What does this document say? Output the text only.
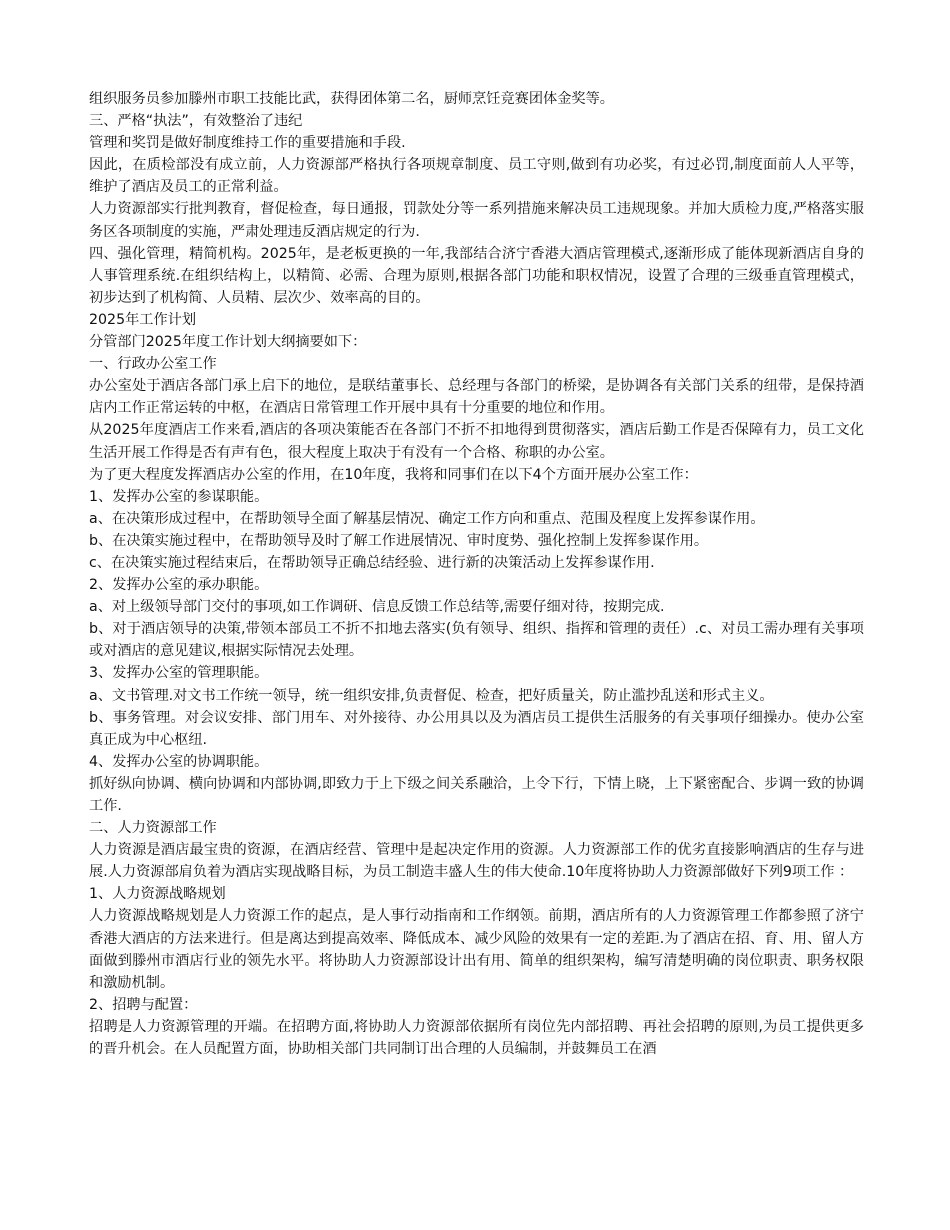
组织服务员参加滕州市职工技能比武，获得团体第二名，厨师烹饪竞赛团体金奖等。

三、严格“执法”，有效整治了违纪

管理和奖罚是做好制度维持工作的重要措施和手段.

因此，在质检部没有成立前，人力资源部严格执行各项规章制度、员工守则,做到有功必奖，有过必罚,制度面前人人平等，维护了酒店及员工的正常利益。

人力资源部实行批判教育，督促检查，每日通报，罚款处分等一系列措施来解决员工违规现象。并加大质检力度,严格落实服务区各项制度的实施，严肃处理违反酒店规定的行为.

四、强化管理，精简机构。2025年，是老板更换的一年,我部结合济宁香港大酒店管理模式,逐渐形成了能体现新酒店自身的人事管理系统.在组织结构上，以精简、必需、合理为原则,根据各部门功能和职权情况，设置了合理的三级垂直管理模式，初步达到了机构简、人员精、层次少、效率高的目的。

2025年工作计划

分管部门2025年度工作计划大纲摘要如下：

一、行政办公室工作

办公室处于酒店各部门承上启下的地位，是联结董事长、总经理与各部门的桥梁，是协调各有关部门关系的纽带，是保持酒店内工作正常运转的中枢，在酒店日常管理工作开展中具有十分重要的地位和作用。

从2025年度酒店工作来看,酒店的各项决策能否在各部门不折不扣地得到贯彻落实，酒店后勤工作是否保障有力，员工文化生活开展工作得是否有声有色，很大程度上取决于有没有一个合格、称职的办公室。

为了更大程度发挥酒店办公室的作用，在10年度，我将和同事们在以下4个方面开展办公室工作：

1、发挥办公室的参谋职能。

a、在决策形成过程中，在帮助领导全面了解基层情况、确定工作方向和重点、范围及程度上发挥参谋作用。

b、在决策实施过程中，在帮助领导及时了解工作进展情况、审时度势、强化控制上发挥参谋作用。

c、在决策实施过程结束后，在帮助领导正确总结经验、进行新的决策活动上发挥参谋作用.

2、发挥办公室的承办职能。

a、对上级领导部门交付的事项,如工作调研、信息反馈工作总结等,需要仔细对待，按期完成.

b、对于酒店领导的决策,带领本部员工不折不扣地去落实(负有领导、组织、指挥和管理的责任）.c、对员工需办理有关事项或对酒店的意见建议,根据实际情况去处理。

3、发挥办公室的管理职能。

a、文书管理.对文书工作统一领导，统一组织安排,负责督促、检查，把好质量关，防止滥抄乱送和形式主义。

b、事务管理。对会议安排、部门用车、对外接待、办公用具以及为酒店员工提供生活服务的有关事项仔细操办。使办公室真正成为中心枢纽.

4、发挥办公室的协调职能。

抓好纵向协调、横向协调和内部协调,即致力于上下级之间关系融洽，上令下行，下情上晓，上下紧密配合、步调一致的协调工作.

二、人力资源部工作

人力资源是酒店最宝贵的资源，在酒店经营、管理中是起决定作用的资源。人力资源部工作的优劣直接影响酒店的生存与进展.人力资源部肩负着为酒店实现战略目标，为员工制造丰盛人生的伟大使命.10年度将协助人力资源部做好下列9项工作 ：

1、人力资源战略规划

人力资源战略规划是人力资源工作的起点，是人事行动指南和工作纲领。前期，酒店所有的人力资源管理工作都参照了济宁香港大酒店的方法来进行。但是离达到提高效率、降低成本、减少风险的效果有一定的差距.为了酒店在招、育、用、留人方面做到滕州市酒店行业的领先水平。将协助人力资源部设计出有用、简单的组织架构，编写清楚明确的岗位职责、职务权限和激励机制。

2、招聘与配置：

招聘是人力资源管理的开端。在招聘方面,将协助人力资源部依据所有岗位先内部招聘、再社会招聘的原则,为员工提供更多的晋升机会。在人员配置方面，协助相关部门共同制订出合理的人员编制，并鼓舞员工在酒
